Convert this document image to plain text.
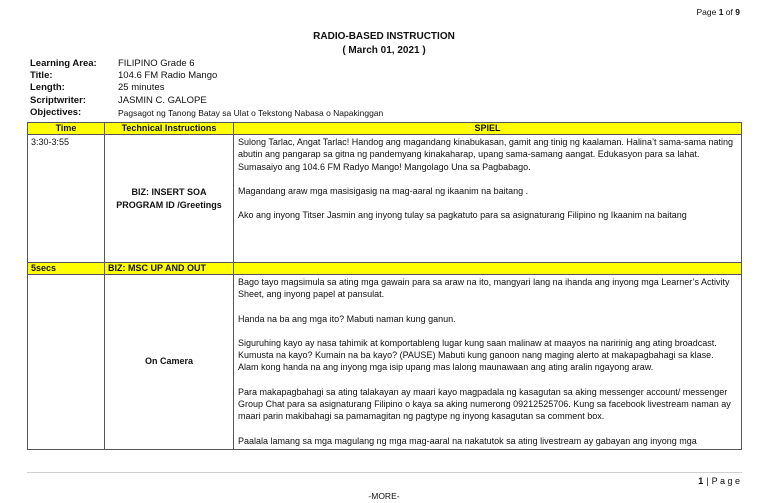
Page 1 of 9
RADIO-BASED INSTRUCTION
( March 01, 2021 )
Learning Area:	FILIPINO Grade 6
Title:	104.6 FM Radio Mango
Length:	25 minutes
Scriptwriter:	JASMIN C. GALOPE
Objectives:	Pagsagot ng Tanong Batay sa Ulat o Tekstong Nabasa o Napakinggan
Time	Technical Instructions	SPIEL
3:30-3:55	BIZ: INSERT SOA PROGRAM ID /Greetings	Sulong Tarlac, Angat Tarlac! Handog ang magandang kinabukasan, gamit ang tinig ng kaalaman. Halina’t sama-sama nating abutin ang pangarap sa gitna ng pandemyang kinakaharap, upang sama-samang aangat. Edukasyon para sa lahat. Sumasaiyo ang 104.6 FM Radyo Mango! Mangolago Una sa Pagbabago.

Magandang araw mga masisigasig na mag-aaral ng ikaanim na baitang .

Ako ang inyong Titser Jasmin ang inyong tulay sa pagkatuto para sa asignaturang Filipino ng Ikaanim na baitang

5secs	BIZ: MSC UP AND OUT	
	On Camera	Bago tayo magsimula sa ating mga gawain para sa araw na ito, mangyari lang na ihanda ang inyong mga Learner’s Activity Sheet, ang inyong papel at pansulat.

Handa na ba ang mga ito? Mabuti naman kung ganun.

Siguruhing kayo ay nasa tahimik at komportableng lugar kung saan malinaw at maayos na naririnig ang ating broadcast. Kumusta na kayo? Kumain na ba kayo? (PAUSE) Mabuti kung ganoon nang maging alerto at makapagbahagi sa klase. Alam kong handa na ang inyong mga isip upang mas lalong maunawaan ang ating aralin ngayong araw.

Para makapagbahagi sa ating talakayan ay maari kayo magpadala ng kasagutan sa aking messenger account/ messenger Group Chat para sa asignaturang Filipino o kaya sa aking numerong 09212525706. Kung sa facebook livestream naman ay maari parin makibahagi sa pamamagitan ng pagtype ng inyong kasagutan sa comment box.

Paalala lamang sa mga magulang ng mga mag-aaral na nakatutok sa ating livestream ay gabayan ang inyong mga

1 | P a g e
-MORE-
